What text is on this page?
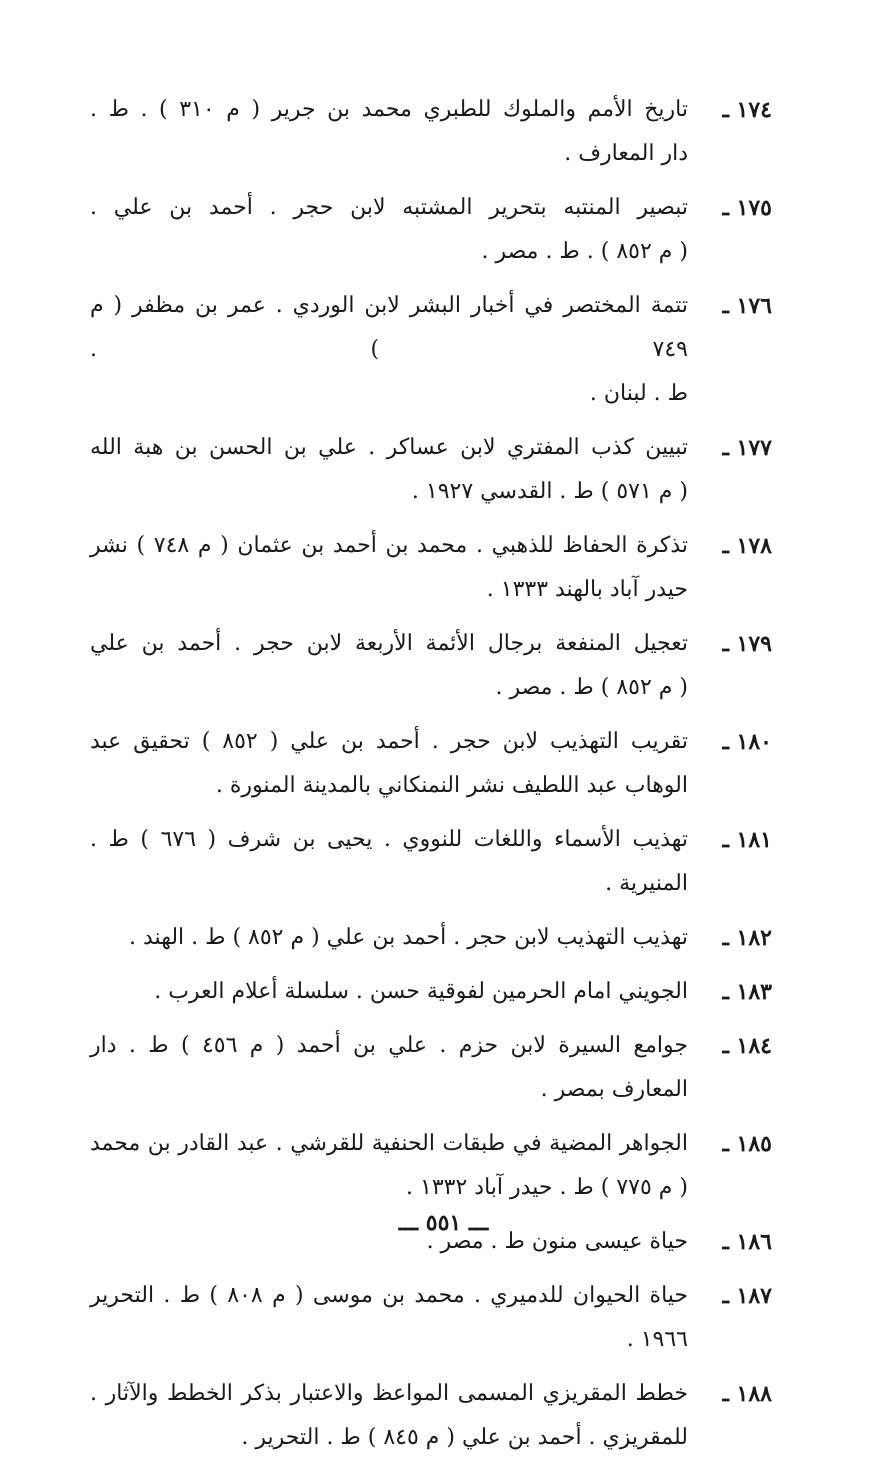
١٧٤ ـ
تاريخ الأمم والملوك للطبري محمد بن جرير ( م ٣١٠ ) . ط .
دار المعارف .
١٧٥ ـ
تبصير المنتبه بتحرير المشتبه لابن حجر . أحمد بن علي .
( م ٨٥٢ ) . ط . مصر .
١٧٦ ـ
تتمة المختصر في أخبار البشر لابن الوردي . عمر بن مظفر ( م ٧٤٩ ) .
ط . لبنان .
١٧٧ ـ
تبيين كذب المفتري لابن عساكر . علي بن الحسن بن هبة الله
( م ٥٧١ ) ط . القدسي ١٩٢٧ .
١٧٨ ـ
تذكرة الحفاظ للذهبي . محمد بن أحمد بن عثمان ( م ٧٤٨ ) نشر
حيدر آباد بالهند ١٣٣٣ .
١٧٩ ـ
تعجيل المنفعة برجال الأئمة الأربعة لابن حجر . أحمد بن علي
( م ٨٥٢ ) ط . مصر .
١٨٠ ـ
تقريب التهذيب لابن حجر . أحمد بن علي ( ٨٥٢ ) تحقيق عبد
الوهاب عبد اللطيف نشر النمنكاني بالمدينة المنورة .
١٨١ ـ
تهذيب الأسماء واللغات للنووي . يحيى بن شرف ( ٦٧٦ ) ط . المنيرية .
١٨٢ ـ
تهذيب التهذيب لابن حجر . أحمد بن علي ( م ٨٥٢ ) ط . الهند .
١٨٣ ـ
الجويني امام الحرمين لفوقية حسن . سلسلة أعلام العرب .
١٨٤ ـ
جوامع السيرة لابن حزم . علي بن أحمد ( م ٤٥٦ ) ط . دار
المعارف بمصر .
١٨٥ ـ
الجواهر المضية في طبقات الحنفية للقرشي . عبد القادر بن محمد
( م ٧٧٥ ) ط . حيدر آباد ١٣٣٢ .
١٨٦ ـ
حياة عيسى منون ط . مصر .
١٨٧ ـ
حياة الحيوان للدميري . محمد بن موسى ( م ٨٠٨ ) ط . التحرير ١٩٦٦ .
١٨٨ ـ
خطط المقريزي المسمى المواعظ والاعتبار بذكر الخطط والآثار .
للمقريزي . أحمد بن علي ( م ٨٤٥ ) ط . التحرير .
ـــ ٥٥١ ـــ
